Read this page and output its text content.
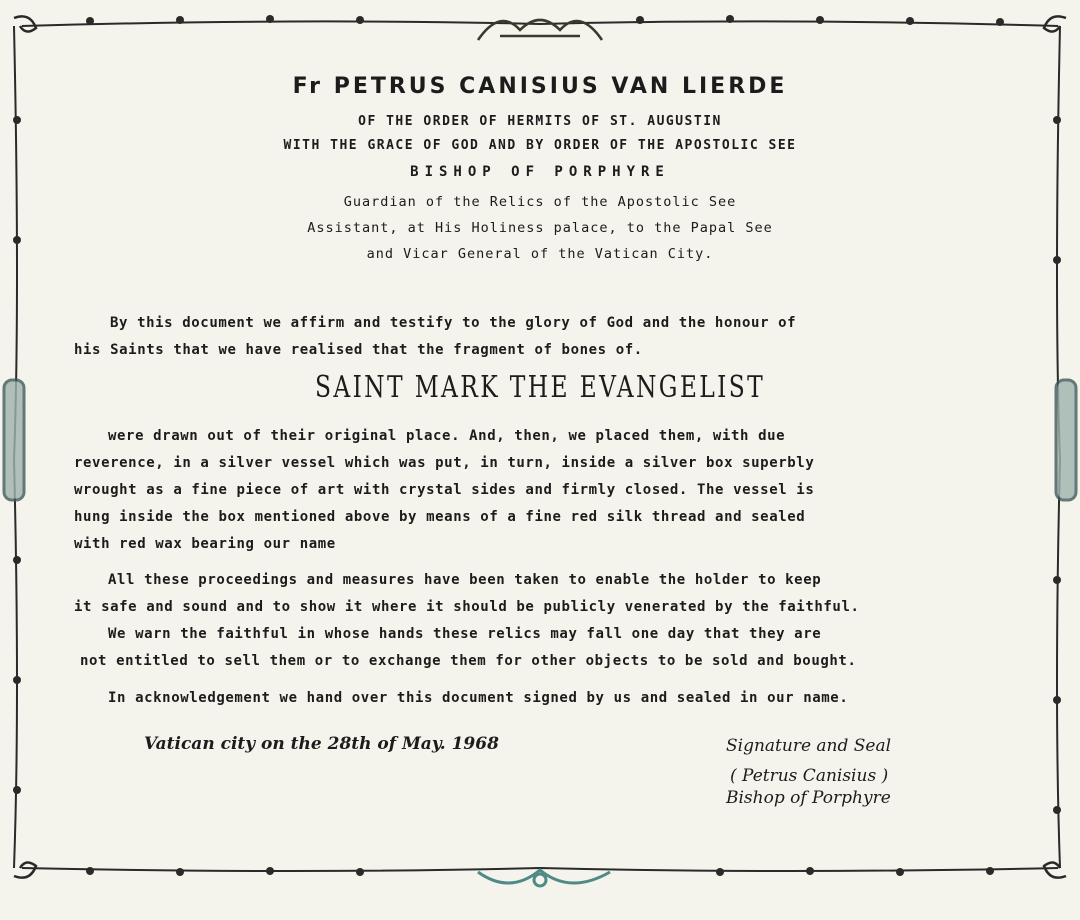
Fr PETRUS CANISIUS VAN LIERDE
OF THE ORDER OF HERMITS OF ST. AUGUSTIN
WITH THE GRACE OF GOD AND BY ORDER OF THE APOSTOLIC SEE
BISHOP OF PORPHYRE
Guardian of the Relics of the Apostolic See
Assistant, at His Holiness palace, to the Papal See
and Vicar General of the Vatican City.
By this document we affirm and testify to the glory of God and the honour of
his Saints that we have realised that the fragment of bones of.
SAINT MARK THE EVANGELIST
were drawn out of their original place. And, then, we placed them, with due
reverence, in a silver vessel which was put, in turn, inside a silver box superbly
wrought as a fine piece of art with crystal sides and firmly closed. The vessel is
hung inside the box mentioned above by means of a fine red silk thread and sealed
with red wax bearing our name
All these proceedings and measures have been taken to enable the holder to keep
it safe and sound and to show it where it should be publicly venerated by the faithful.
We warn the faithful in whose hands these relics may fall one day that they are
not entitled to sell them or to exchange them for other objects to be sold and bought.
In acknowledgement we hand over this document signed by us and sealed in our name.
Vatican city on the 28th of May. 1968	Signature and Seal
( Petrus Canisius )
Bishop of Porphyre
